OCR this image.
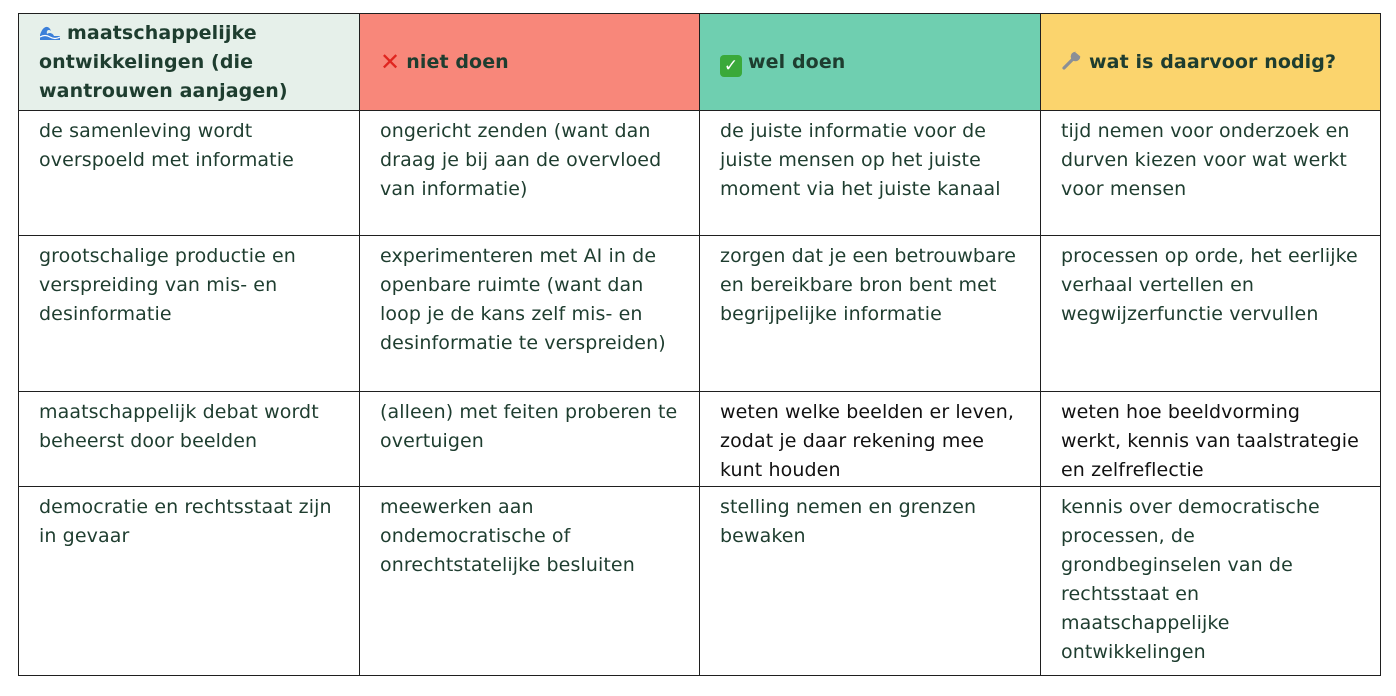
maatschappelijke ontwikkelingen (die wantrouwen aanjagen)	✕ niet doen	✓ wel doen	wat is daarvoor nodig?
de samenleving wordt overspoeld met informatie	ongericht zenden (want dan draag je bij aan de overvloed van informatie)	de juiste informatie voor de juiste mensen op het juiste moment via het juiste kanaal	tijd nemen voor onderzoek en durven kiezen voor wat werkt voor mensen
grootschalige productie en verspreiding van mis- en desinformatie	experimenteren met AI in de openbare ruimte (want dan loop je de kans zelf mis- en desinformatie te verspreiden)	zorgen dat je een betrouwbare en bereikbare bron bent met begrijpelijke informatie	processen op orde, het eerlijke verhaal vertellen en wegwijzerfunctie vervullen
maatschappelijk debat wordt beheerst door beelden	(alleen) met feiten proberen te overtuigen	weten welke beelden er leven, zodat je daar rekening mee kunt houden	weten hoe beeldvorming werkt, kennis van taalstrategie en zelfreflectie
democratie en rechtsstaat zijn in gevaar	meewerken aan ondemocratische of onrechtstatelijke besluiten	stelling nemen en grenzen bewaken	kennis over democratische processen, de grondbeginselen van de rechtsstaat en maatschappelijke ontwikkelingen
